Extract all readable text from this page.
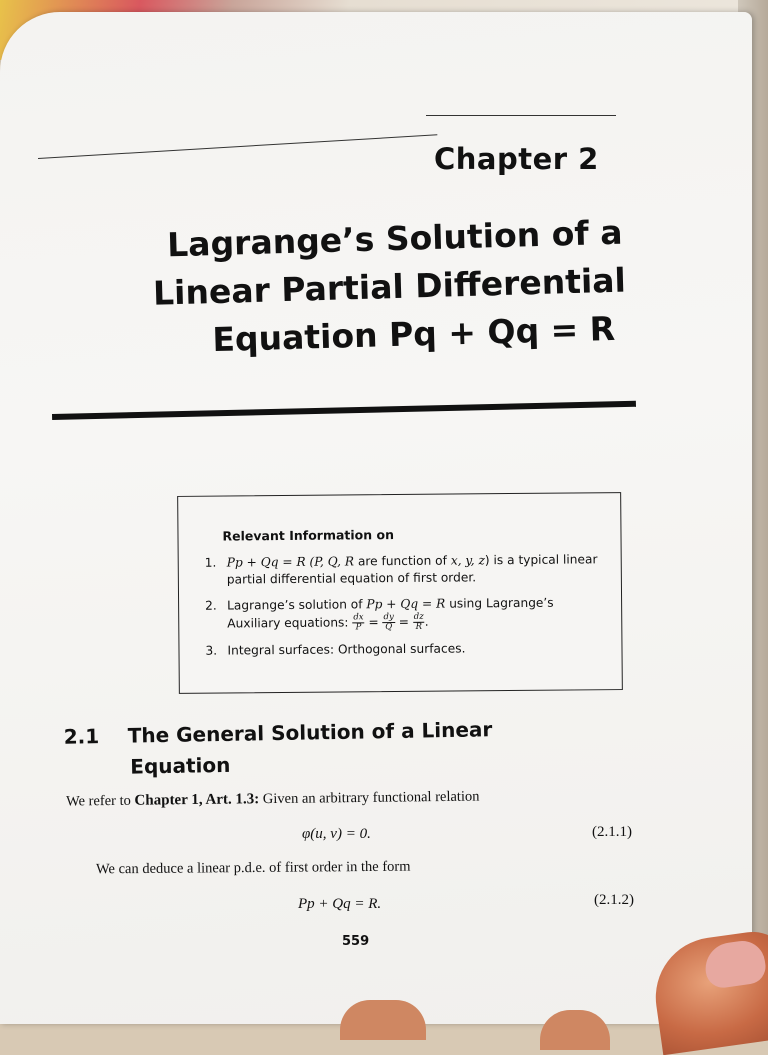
Chapter 2
Lagrange’s Solution of a
Linear Partial Differential
Equation Pq + Qq = R
Relevant Information on
1. Pp + Qq = R (P, Q, R are function of x, y, z) is a typical linear partial differential equation of first order.
2. Lagrange’s solution of Pp + Qq = R using Lagrange’s Auxiliary equations: $\frac{dx}{P} = \frac{dy}{Q} = \frac{dz}{R}$ .
3. Integral surfaces: Orthogonal surfaces.
2.1 The General Solution of a Linear
Equation
We refer to Chapter 1, Art. 1.3: Given an arbitrary functional relation
φ(u, v) = 0.	(2.1.1)
We can deduce a linear p.d.e. of first order in the form
Pp + Qq = R.	(2.1.2)
559
